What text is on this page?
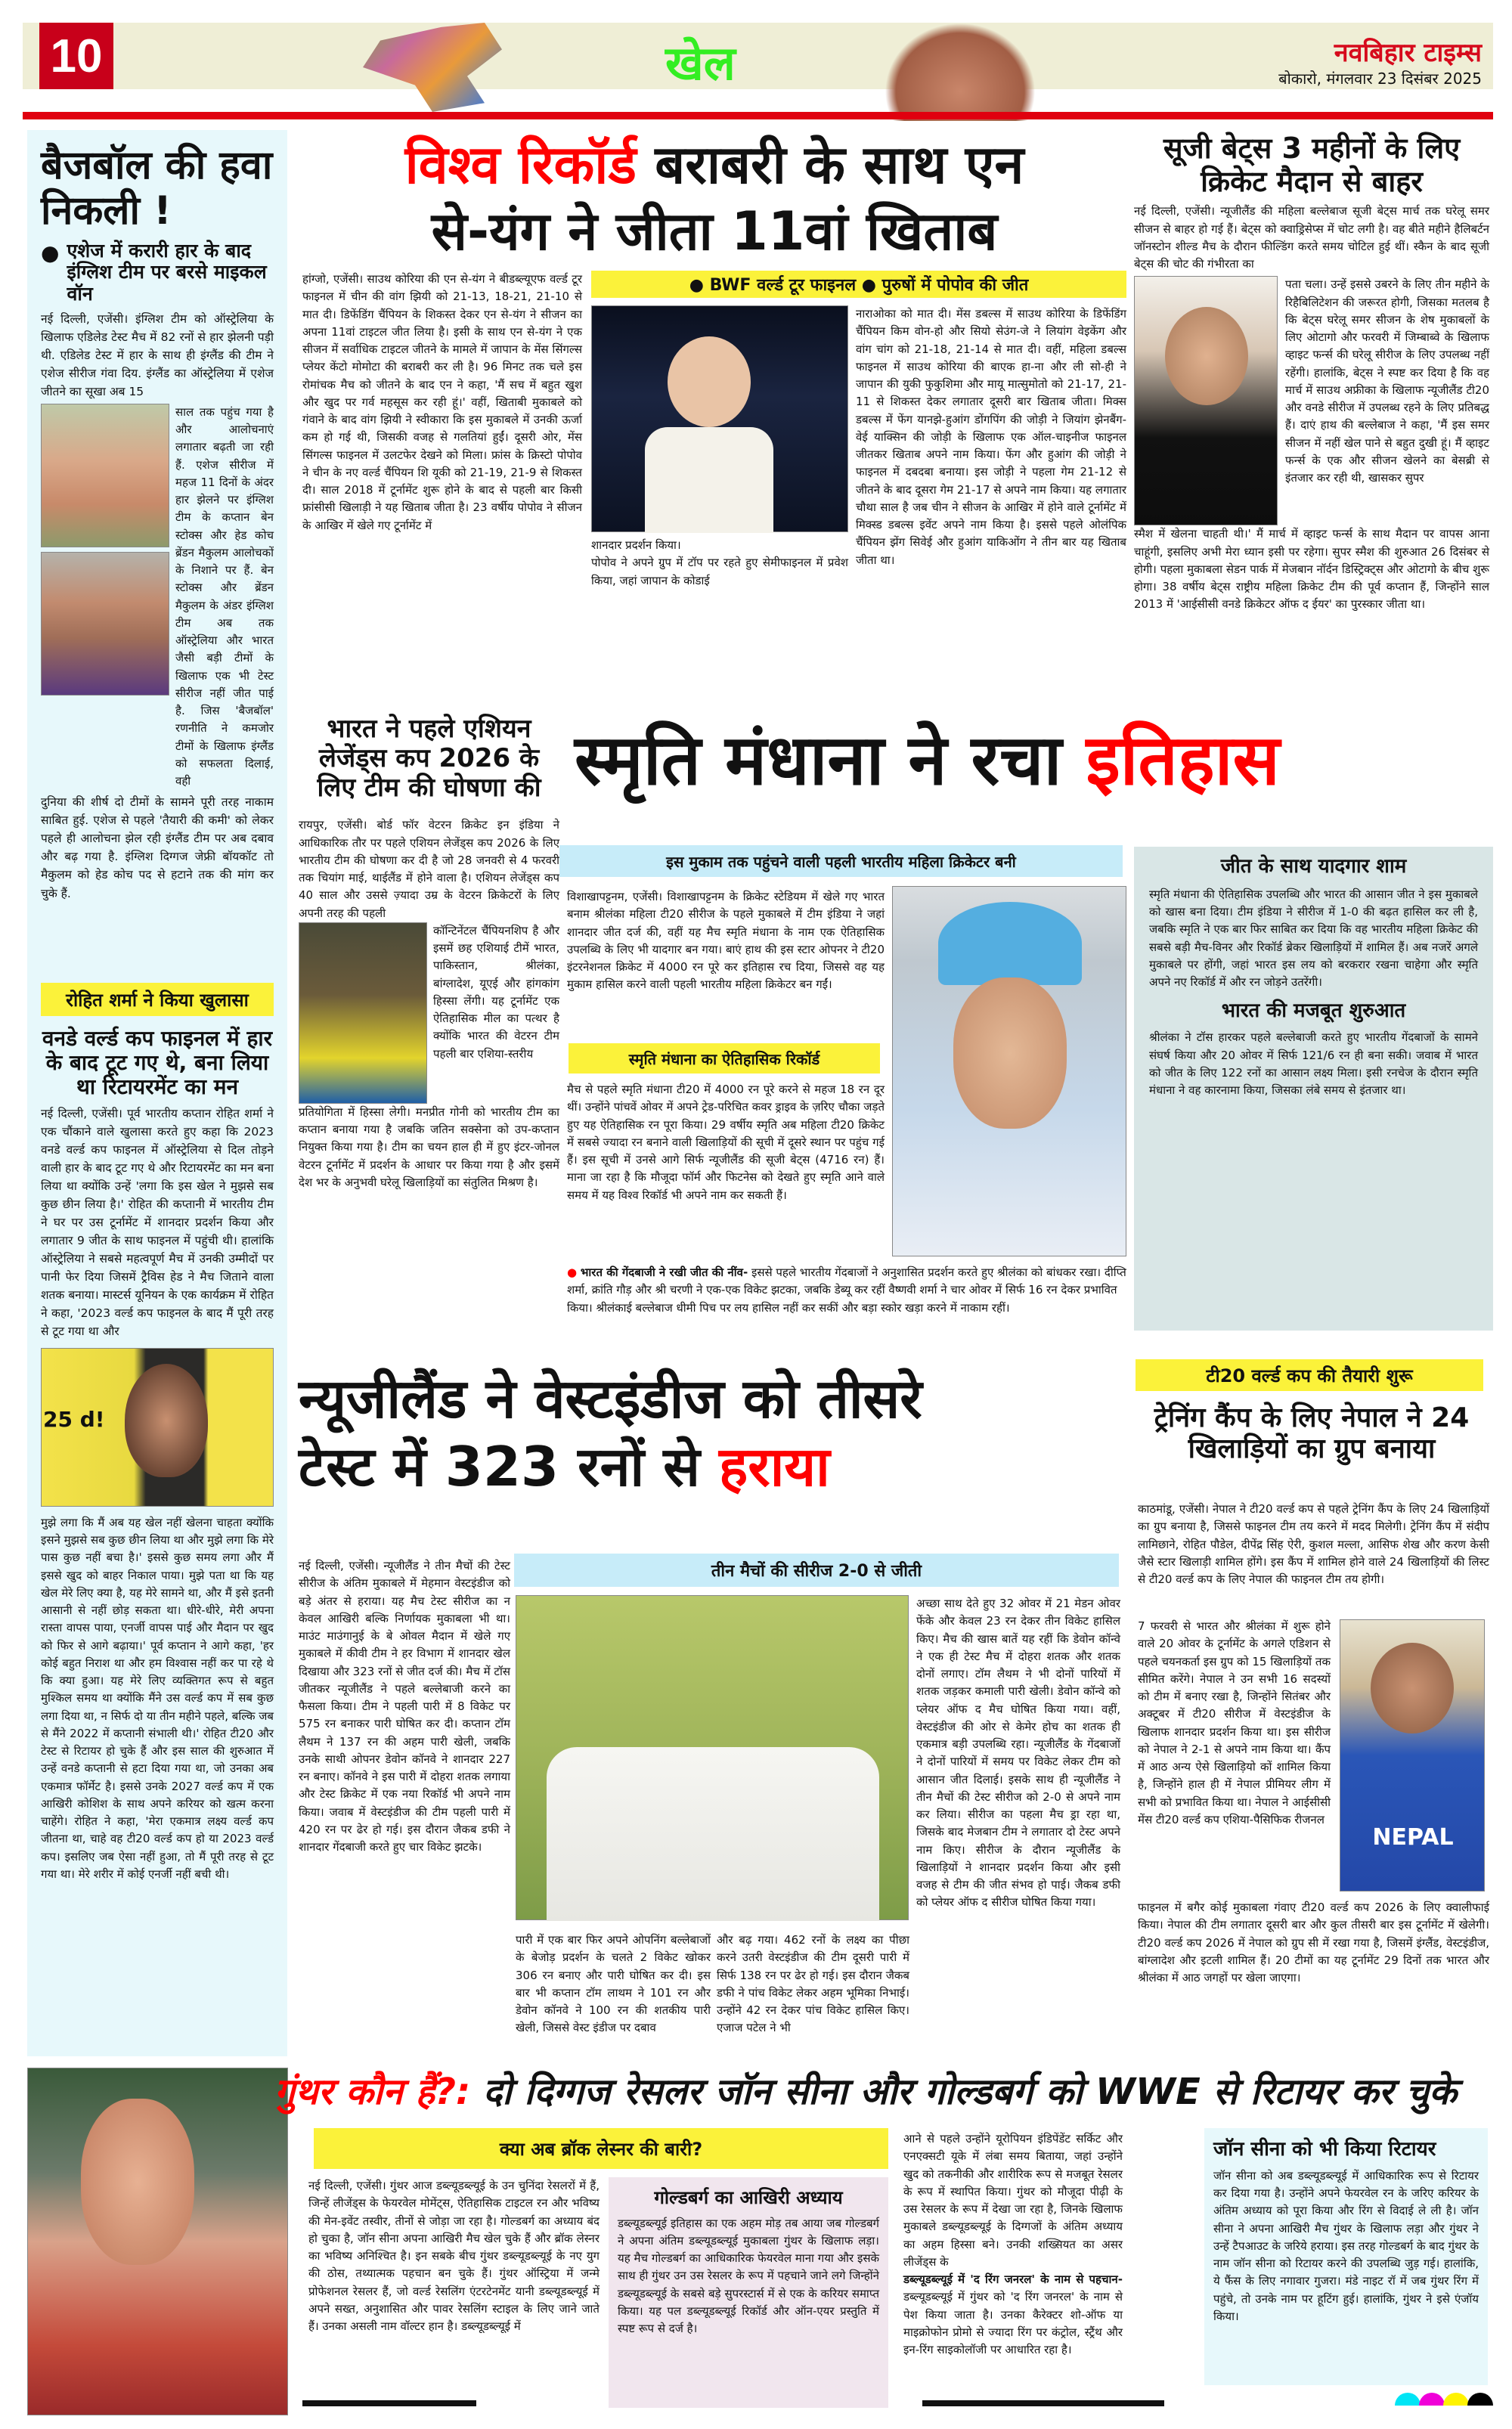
10	खेल	नवबिहार टाइम्स
बोकारो, मंगलवार 23 दिसंबर 2025
बैजबॉल की हवा निकली !
● एशेज में करारी हार के बाद इंग्लिश टीम पर बरसे माइकल वॉन
नई दिल्ली, एजेंसी। इंग्लिश टीम को ऑस्ट्रेलिया के खिलाफ एडिलेड टेस्ट मैच में 82 रनों से हार झेलनी पड़ी थी. एडिलेड टेस्ट में हार के साथ ही इंग्लैंड की टीम ने एशेज सीरीज गंवा दिय. इंग्लैंड का ऑस्ट्रेलिया में एशेज जीतने का सूखा अब 15
साल तक पहुंच गया है और आलोचनाएं लगातार बढ़ती जा रही हैं. एशेज सीरीज में महज 11 दिनों के अंदर हार झेलने पर इंग्लिश टीम के कप्तान बेन स्टोक्स और हेड कोच ब्रेंडन मैकुलम आलोचकों के निशाने पर हैं. बेन स्टोक्स और ब्रेंडन मैकुलम के अंडर इंग्लिश टीम अब तक ऑस्ट्रेलिया और भारत जैसी बड़ी टीमों के खिलाफ एक भी टेस्ट सीरीज नहीं जीत पाई है. जिस 'बैजबॉल' रणनीति ने कमजोर टीमों के खिलाफ इंग्लैंड को सफलता दिलाई, वही
दुनिया की शीर्ष दो टीमों के सामने पूरी तरह नाकाम साबित हुई. एशेज से पहले 'तैयारी की कमी' को लेकर पहले ही आलोचना झेल रही इंग्लैंड टीम पर अब दबाव और बढ़ गया है. इंग्लिश दिग्गज जेफ्री बॉयकॉट तो मैकुलम को हेड कोच पद से हटाने तक की मांग कर चुके हैं.
रोहित शर्मा ने किया खुलासा
वनडे वर्ल्ड कप फाइनल में हार के बाद टूट गए थे, बना लिया था रिटायरमेंट का मन
नई दिल्ली, एजेंसी। पूर्व भारतीय कप्तान रोहित शर्मा ने एक चौंकाने वाले खुलासा करते हुए कहा कि 2023 वनडे वर्ल्ड कप फाइनल में ऑस्ट्रेलिया से दिल तोड़ने वाली हार के बाद टूट गए थे और रिटायरमेंट का मन बना लिया था क्योंकि उन्हें 'लगा कि इस खेल ने मुझसे सब कुछ छीन लिया है।' रोहित की कप्तानी में भारतीय टीम ने घर पर उस टूर्नामेंट में शानदार प्रदर्शन किया और लगातार 9 जीत के साथ फाइनल में पहुंची थी। हालांकि ऑस्ट्रेलिया ने सबसे महत्वपूर्ण मैच में उनकी उम्मीदों पर पानी फेर दिया जिसमें ट्रैविस हेड ने मैच जिताने वाला शतक बनाया। मास्टर्स यूनियन के एक कार्यक्रम में रोहित ने कहा, '2023 वर्ल्ड कप फाइनल के बाद मैं पूरी तरह से टूट गया था और
25 d!
मुझे लगा कि मैं अब यह खेल नहीं खेलना चाहता क्योंकि इसने मुझसे सब कुछ छीन लिया था और मुझे लगा कि मेरे पास कुछ नहीं बचा है।' इससे कुछ समय लगा और मैं इससे खुद को बाहर निकाल पाया। मुझे पता था कि यह खेल मेरे लिए क्या है, यह मेरे सामने था, और मैं इसे इतनी आसानी से नहीं छोड़ सकता था। धीरे-धीरे, मेरी अपना रास्ता वापस पाया, एनर्जी वापस पाई और मैदान पर खुद को फिर से आगे बढ़ाया।' पूर्व कप्तान ने आगे कहा, 'हर कोई बहुत निराश था और हम विश्वास नहीं कर पा रहे थे कि क्या हुआ। यह मेरे लिए व्यक्तिगत रूप से बहुत मुश्किल समय था क्योंकि मैंने उस वर्ल्ड कप में सब कुछ लगा दिया था, न सिर्फ दो या तीन महीने पहले, बल्कि जब से मैंने 2022 में कप्तानी संभाली थी।' रोहित टी20 और टेस्ट से रिटायर हो चुके हैं और इस साल की शुरुआत में उन्हें वनडे कप्तानी से हटा दिया गया था, जो उनका अब एकमात्र फॉर्मेट है। इससे उनके 2027 वर्ल्ड कप में एक आखिरी कोशिश के साथ अपने करियर को खत्म करना चाहेंगे। रोहित ने कहा, 'मेरा एकमात्र लक्ष्य वर्ल्ड कप जीतना था, चाहे वह टी20 वर्ल्ड कप हो या 2023 वर्ल्ड कप। इसलिए जब ऐसा नहीं हुआ, तो मैं पूरी तरह से टूट गया था। मेरे शरीर में कोई एनर्जी नहीं बची थी।
विश्व रिकॉर्ड बराबरी के साथ एन
से-यंग ने जीता 11वां खिताब
हांग्जो, एजेंसी। साउथ कोरिया की एन से-यंग ने बीडब्ल्यूएफ वर्ल्ड टूर फाइनल में चीन की वांग झियी को 21-13, 18-21, 21-10 से मात दी। डिफेंडिंग चैंपियन के शिकस्त देकर एन से-यंग ने सीजन का अपना 11वां टाइटल जीत लिया है। इसी के साथ एन से-यंग ने एक सीजन में सर्वाधिक टाइटल जीतने के मामले में जापान के मेंस सिंगल्स प्लेयर केंटो मोमोटा की बराबरी कर ली है। 96 मिनट तक चले इस रोमांचक मैच को जीतने के बाद एन ने कहा, 'मैं सच में बहुत खुश और खुद पर गर्व महसूस कर रही हूं।' वहीं, खिताबी मुकाबले को गंवाने के बाद वांग झियी ने स्वीकारा कि इस मुकाबले में उनकी ऊर्जा कम हो गई थी, जिसकी वजह से गलतियां हुईं। दूसरी ओर, मेंस सिंगल्स फाइनल में उलटफेर देखने को मिला। फ्रांस के क्रिस्टो पोपोव ने चीन के नए वर्ल्ड चैंपियन शि यूकी को 21-19, 21-9 से शिकस्त दी। साल 2018 में टूर्नामेंट शुरू होने के बाद से पहली बार किसी फ्रांसीसी खिलाड़ी ने यह खिताब जीता है। 23 वर्षीय पोपोव ने सीजन के आखिर में खेले गए टूर्नामेंट में
● BWF वर्ल्ड टूर फाइनल ● पुरुषों में पोपोव की जीत
शानदार प्रदर्शन किया।
पोपोव ने अपने ग्रुप में टॉप पर रहते हुए सेमीफाइनल में प्रवेश किया, जहां जापान के कोडाई
नाराओका को मात दी। मेंस डबल्स में साउथ कोरिया के डिफेंडिंग चैंपियन किम वोन-हो और सियो सेउंग-जे ने लियांग वेइकेंग और वांग चांग को 21-18, 21-14 से मात दी। वहीं, महिला डबल्स फाइनल में साउथ कोरिया की बाएक हा-ना और ली सो-ही ने जापान की युकी फुकुशिमा और मायू मात्सुमोतो को 21-17, 21-11 से शिकस्त देकर लगातार दूसरी बार खिताब जीता। मिक्स डबल्स में फेंग यानझे-हुआंग डोंगपिंग की जोड़ी ने जियांग झेनबैंग-वेई याक्सिन की जोड़ी के खिलाफ एक ऑल-चाइनीज फाइनल जीतकर खिताब अपने नाम किया। फेंग और हुआंग की जोड़ी ने फाइनल में दबदबा बनाया। इस जोड़ी ने पहला गेम 21-12 से जीतने के बाद दूसरा गेम 21-17 से अपने नाम किया। यह लगातार चौथा साल है जब चीन ने सीजन के आखिर में होने वाले टूर्नामेंट में मिक्स्ड डबल्स इवेंट अपने नाम किया है। इससे पहले ओलंपिक चैंपियन झेंग सिवेई और हुआंग याकिओंग ने तीन बार यह खिताब जीता था।
सूजी बेट्स 3 महीनों के लिए क्रिकेट मैदान से बाहर
नई दिल्ली, एजेंसी। न्यूजीलैंड की महिला बल्लेबाज सूजी बेट्स मार्च तक घरेलू समर सीजन से बाहर हो गई हैं। बेट्स को क्वाड्रिसेप्स में चोट लगी है। वह बीते महीने हैलिबर्टन जॉनस्टोन शील्ड मैच के दौरान फील्डिंग करते समय चोटिल हुई थीं। स्कैन के बाद सूजी बेट्स की चोट की गंभीरता का
पता चला। उन्हें इससे उबरने के लिए तीन महीने के रिहैबिलिटेशन की जरूरत होगी, जिसका मतलब है कि बेट्स घरेलू समर सीजन के शेष मुकाबलों के लिए ओटागो और फरवरी में जिम्बाब्वे के खिलाफ व्हाइट फर्न्स की घरेलू सीरीज के लिए उपलब्ध नहीं रहेंगी। हालांकि, बेट्स ने स्पष्ट कर दिया है कि वह मार्च में साउथ अफ्रीका के खिलाफ न्यूजीलैंड टी20 और वनडे सीरीज में उपलब्ध रहने के लिए प्रतिबद्ध हैं। दाएं हाथ की बल्लेबाज ने कहा, 'मैं इस समर सीजन में नहीं खेल पाने से बहुत दुखी हूं। मैं व्हाइट फर्न्स के एक और सीजन खेलने का बेसब्री से इंतजार कर रही थी, खासकर सुपर
स्मैश में खेलना चाहती थी।' मैं मार्च में व्हाइट फर्न्स के साथ मैदान पर वापस आना चाहूंगी, इसलिए अभी मेरा ध्यान इसी पर रहेगा। सुपर स्मैश की शुरुआत 26 दिसंबर से होगी। पहला मुकाबला सेडन पार्क में मेजबान नॉर्दन डिस्ट्रिक्ट्स और ओटागो के बीच शुरू होगा। 38 वर्षीय बेट्स राष्ट्रीय महिला क्रिकेट टीम की पूर्व कप्तान हैं, जिन्होंने साल 2013 में 'आईसीसी वनडे क्रिकेटर ऑफ द ईयर' का पुरस्कार जीता था।
भारत ने पहले एशियन लेजेंड्स कप 2026 के लिए टीम की घोषणा की
रायपुर, एजेंसी। बोर्ड फॉर वेटरन क्रिकेट इन इंडिया ने आधिकारिक तौर पर पहले एशियन लेजेंड्स कप 2026 के लिए भारतीय टीम की घोषणा कर दी है जो 28 जनवरी से 4 फरवरी तक चियांग माई, थाईलैंड में होने वाला है। एशियन लेजेंड्स कप 40 साल और उससे ज़्यादा उम्र के वेटरन क्रिकेटरों के लिए अपनी तरह की पहली
कॉन्टिनेंटल चैंपियनशिप है और इसमें छह एशियाई टीमें भारत, पाकिस्तान, श्रीलंका, बांग्लादेश, यूएई और हांगकांग हिस्सा लेंगी। यह टूर्नामेंट एक ऐतिहासिक मील का पत्थर है क्योंकि भारत की वेटरन टीम पहली बार एशिया-स्तरीय
प्रतियोगिता में हिस्सा लेगी। मनप्रीत गोनी को भारतीय टीम का कप्तान बनाया गया है जबकि जतिन सक्सेना को उप-कप्तान नियुक्त किया गया है। टीम का चयन हाल ही में हुए इंटर-जोनल वेटरन टूर्नामेंट में प्रदर्शन के आधार पर किया गया है और इसमें देश भर के अनुभवी घरेलू खिलाड़ियों का संतुलित मिश्रण है।
स्मृति मंधाना ने रचा इतिहास
इस मुकाम तक पहुंचने वाली पहली भारतीय महिला क्रिकेटर बनी
विशाखापट्टनम, एजेंसी। विशाखापट्टनम के क्रिकेट स्टेडियम में खेले गए भारत बनाम श्रीलंका महिला टी20 सीरीज के पहले मुकाबले में टीम इंडिया ने जहां शानदार जीत दर्ज की, वहीं यह मैच स्मृति मंधाना के नाम एक ऐतिहासिक उपलब्धि के लिए भी यादगार बन गया। बाएं हाथ की इस स्टार ओपनर ने टी20 इंटरनेशनल क्रिकेट में 4000 रन पूरे कर इतिहास रच दिया, जिससे वह यह मुकाम हासिल करने वाली पहली भारतीय महिला क्रिकेटर बन गईं।
स्मृति मंधाना का ऐतिहासिक रिकॉर्ड
मैच से पहले स्मृति मंधाना टी20 में 4000 रन पूरे करने से महज 18 रन दूर थीं। उन्होंने पांचवें ओवर में अपने ट्रेड-परिचित कवर ड्राइव के ज़रिए चौका जड़ते हुए यह ऐतिहासिक रन पूरा किया। 29 वर्षीय स्मृति अब महिला टी20 क्रिकेट में सबसे ज्यादा रन बनाने वाली खिलाड़ियों की सूची में दूसरे स्थान पर पहुंच गई हैं। इस सूची में उनसे आगे सिर्फ न्यूजीलैंड की सूजी बेट्स (4716 रन) हैं। माना जा रहा है कि मौजूदा फॉर्म और फिटनेस को देखते हुए स्मृति आने वाले समय में यह विश्व रिकॉर्ड भी अपने नाम कर सकती हैं।
● भारत की गेंदबाजी ने रखी जीत की नींव- इससे पहले भारतीय गेंदबाजों ने अनुशासित प्रदर्शन करते हुए श्रीलंका को बांधकर रखा। दीप्ति शर्मा, क्रांति गौड़ और श्री चरणी ने एक-एक विकेट झटका, जबकि डेब्यू कर रहीं वैष्णवी शर्मा ने चार ओवर में सिर्फ 16 रन देकर प्रभावित किया। श्रीलंकाई बल्लेबाज धीमी पिच पर लय हासिल नहीं कर सकीं और बड़ा स्कोर खड़ा करने में नाकाम रहीं।
जीत के साथ यादगार शाम
स्मृति मंधाना की ऐतिहासिक उपलब्धि और भारत की आसान जीत ने इस मुकाबले को खास बना दिया। टीम इंडिया ने सीरीज में 1-0 की बढ़त हासिल कर ली है, जबकि स्मृति ने एक बार फिर साबित कर दिया कि वह भारतीय महिला क्रिकेट की सबसे बड़ी मैच-विनर और रिकॉर्ड ब्रेकर खिलाड़ियों में शामिल हैं। अब नजरें अगले मुकाबले पर होंगी, जहां भारत इस लय को बरकरार रखना चाहेगा और स्मृति अपने नए रिकॉर्ड में और रन जोड़ने उतरेंगी।
भारत की मजबूत शुरुआत
श्रीलंका ने टॉस हारकर पहले बल्लेबाजी करते हुए भारतीय गेंदबाजों के सामने संघर्ष किया और 20 ओवर में सिर्फ 121/6 रन ही बना सकी। जवाब में भारत को जीत के लिए 122 रनों का आसान लक्ष्य मिला। इसी रनचेज के दौरान स्मृति मंधाना ने वह कारनामा किया, जिसका लंबे समय से इंतजार था।
न्यूजीलैंड ने वेस्टइंडीज को तीसरे
टेस्ट में 323 रनों से हराया
नई दिल्ली, एजेंसी। न्यूजीलैंड ने तीन मैचों की टेस्ट सीरीज के अंतिम मुकाबले में मेहमान वेस्टइंडीज को बड़े अंतर से हराया। यह मैच टेस्ट सीरीज का न केवल आखिरी बल्कि निर्णायक मुकाबला भी था। माउंट माउंगानुई के बे ओवल मैदान में खेले गए मुकाबले में कीवी टीम ने हर विभाग में शानदार खेल दिखाया और 323 रनों से जीत दर्ज की। मैच में टॉस जीतकर न्यूजीलैंड ने पहले बल्लेबाजी करने का फैसला किया। टीम ने पहली पारी में 8 विकेट पर 575 रन बनाकर पारी घोषित कर दी। कप्तान टॉम लैथम ने 137 रन की अहम पारी खेली, जबकि उनके साथी ओपनर डेवोन कॉनवे ने शानदार 227 रन बनाए। कॉनवे ने इस पारी में दोहरा शतक लगाया और टेस्ट क्रिकेट में एक नया रिकॉर्ड भी अपने नाम किया। जवाब में वेस्टइंडीज की टीम पहली पारी में 420 रन पर ढेर हो गई। इस दौरान जैकब डफी ने शानदार गेंदबाजी करते हुए चार विकेट झटके।
तीन मैचों की सीरीज 2-0 से जीती
अच्छा साथ देते हुए 32 ओवर में 21 मेडन ओवर फेंके और केवल 23 रन देकर तीन विकेट हासिल किए। मैच की खास बातें यह रहीं कि डेवोन कॉन्वे ने एक ही टेस्ट मैच में दोहरा शतक और शतक दोनों लगाए। टॉम लैथम ने भी दोनों पारियों में शतक जड़कर कमाली पारी खेली। डेवोन कॉन्वे को प्लेयर ऑफ द मैच घोषित किया गया। वहीं, वेस्टइंडीज की ओर से केमेर होच का शतक ही एकमात्र बड़ी उपलब्धि रहा। न्यूजीलैंड के गेंदबाजों ने दोनों पारियों में समय पर विकेट लेकर टीम को आसान जीत दिलाई। इसके साथ ही न्यूजीलैंड ने तीन मैचों की टेस्ट सीरीज को 2-0 से अपने नाम कर लिया। सीरीज का पहला मैच ड्रा रहा था, जिसके बाद मेजबान टीम ने लगातार दो टेस्ट अपने नाम किए। सीरीज के दौरान न्यूजीलैंड के खिलाड़ियों ने शानदार प्रदर्शन किया और इसी वजह से टीम की जीत संभव हो पाई। जैकब डफी को प्लेयर ऑफ द सीरीज घोषित किया गया।
पारी में एक बार फिर अपने ओपनिंग बल्लेबाजों के बेजोड़ प्रदर्शन के चलते 2 विकेट खोकर 306 रन बनाए और पारी घोषित कर दी। इस बार भी कप्तान टॉम लाथम ने 101 रन और डेवोन कॉनवे ने 100 रन की शतकीय पारी खेली, जिससे वेस्ट इंडीज पर दबाव
और बढ़ गया। 462 रनों के लक्ष्य का पीछा करने उतरी वेस्टइंडीज की टीम दूसरी पारी में सिर्फ 138 रन पर ढेर हो गई। इस दौरान जैकब डफी ने पांच विकेट लेकर अहम भूमिका निभाई। उन्होंने 42 रन देकर पांच विकेट हासिल किए। एजाज पटेल ने भी
टी20 वर्ल्ड कप की तैयारी शुरू
ट्रेनिंग कैंप के लिए नेपाल ने 24 खिलाड़ियों का ग्रुप बनाया
काठमांडू, एजेंसी। नेपाल ने टी20 वर्ल्ड कप से पहले ट्रेनिंग कैंप के लिए 24 खिलाड़ियों का ग्रुप बनाया है, जिससे फाइनल टीम तय करने में मदद मिलेगी। ट्रेनिंग कैंप में संदीप लामिछाने, रोहित पौडेल, दीपेंद्र सिंह ऐरी, कुशल मल्ला, आसिफ शेख और करण केसी जैसे स्टार खिलाड़ी शामिल होंगे। इस कैंप में शामिल होने वाले 24 खिलाड़ियों की लिस्ट से टी20 वर्ल्ड कप के लिए नेपाल की फाइनल टीम तय होगी।
7 फरवरी से भारत और श्रीलंका में शुरू होने वाले 20 ओवर के टूर्नामेंट के अगले एडिशन से पहले चयनकर्ता इस ग्रुप को 15 खिलाड़ियों तक सीमित करेंगे। नेपाल ने उन सभी 16 सदस्यों को टीम में बनाए रखा है, जिन्होंने सितंबर और अक्टूबर में टी20 सीरीज में वेस्टइंडीज के खिलाफ शानदार प्रदर्शन किया था। इस सीरीज को नेपाल ने 2-1 से अपने नाम किया था। कैंप में आठ अन्य ऐसे खिलाड़ियो कों शामिल किया है, जिन्होंने हाल ही में नेपाल प्रीमियर लीग में सभी को प्रभावित किया था। नेपाल ने आईसीसी मेंस टी20 वर्ल्ड कप एशिया-पैसिफिक रीजनल
NEPAL
फाइनल में बगैर कोई मुकाबला गंवाए टी20 वर्ल्ड कप 2026 के लिए क्वालीफाई किया। नेपाल की टीम लगातार दूसरी बार और कुल तीसरी बार इस टूर्नामेंट में खेलेगी। टी20 वर्ल्ड कप 2026 में नेपाल को ग्रुप सी में रखा गया है, जिसमें इंग्लैंड, वेस्टइंडीज, बांग्लादेश और इटली शामिल हैं। 20 टीमों का यह टूर्नामेंट 29 दिनों तक भारत और श्रीलंका में आठ जगहों पर खेला जाएगा।
गुंथर कौन हैं?: दो दिग्गज रेसलर जॉन सीना और गोल्डबर्ग को WWE से रिटायर कर चुके
क्या अब ब्रॉक लेस्नर की बारी?
नई दिल्ली, एजेंसी। गुंथर आज डब्ल्यूडब्ल्यूई के उन चुनिंदा रेसलरों में हैं, जिन्हें लीजेंड्स के फेयरवेल मोमेंट्स, ऐतिहासिक टाइटल रन और भविष्य की मेन-इवेंट तस्वीर, तीनों से जोड़ा जा रहा है। गोल्डबर्ग का अध्याय बंद हो चुका है, जॉन सीना अपना आखिरी मैच खेल चुके हैं और ब्रॉक लेस्नर का भविष्य अनिश्चित है। इन सबके बीच गुंथर डब्ल्यूडब्ल्यूई के नए युग की ठोस, तथ्यात्मक पहचान बन चुके हैं। गुंथर ऑस्ट्रिया में जन्मे प्रोफेशनल रेसलर हैं, जो वर्ल्ड रेसलिंग एंटरटेनमेंट यानी डब्ल्यूडब्ल्यूई में अपने सख्त, अनुशासित और पावर रेसलिंग स्टाइल के लिए जाने जाते हैं। उनका असली नाम वॉल्टर हान है। डब्ल्यूडब्ल्यूई में
गोल्डबर्ग का आखिरी अध्याय
डब्ल्यूडब्ल्यूई इतिहास का एक अहम मोड़ तब आया जब गोल्डबर्ग ने अपना अंतिम डब्ल्यूडब्ल्यूई मुकाबला गुंथर के खिलाफ लड़ा। यह मैच गोल्डबर्ग का आधिकारिक फेयरवेल माना गया और इसके साथ ही गुंथर उन उस रेसलर के रूप में पहचाने जाने लगे जिन्होंने डब्ल्यूडब्ल्यूई के सबसे बड़े सुपरस्टार्स में से एक के करियर समाप्त किया। यह पल डब्ल्यूडब्ल्यूई रिकॉर्ड और ऑन-एयर प्रस्तुति में स्पष्ट रूप से दर्ज है।
आने से पहले उन्होंने यूरोपियन इंडिपेंडेंट सर्किट और एनएक्सटी यूके में लंबा समय बिताया, जहां उन्होंने खुद को तकनीकी और शारीरिक रूप से मजबूत रेसलर के रूप में स्थापित किया। गुंथर को मौजूदा पीढ़ी के उस रेसलर के रूप में देखा जा रहा है, जिनके खिलाफ मुकाबले डब्ल्यूडब्ल्यूई के दिग्गजों के अंतिम अध्याय का अहम हिस्सा बने। उनकी शख्सियत का असर लीजेंड्स के
डब्ल्यूडब्ल्यूई में 'द रिंग जनरल' के नाम से पहचान- डब्ल्यूडब्ल्यूई में गुंथर को 'द रिंग जनरल' के नाम से पेश किया जाता है। उनका कैरेक्टर शो-ऑफ या माइक्रोफोन प्रोमो से ज्यादा रिंग पर कंट्रोल, स्ट्रैंथ और इन-रिंग साइकोलॉजी पर आधारित रहा है।
जॉन सीना को भी किया रिटायर
जॉन सीना को अब डब्ल्यूडब्ल्यूई में आधिकारिक रूप से रिटायर कर दिया गया है। उन्होंने अपने फेयरवेल रन के जरिए करियर के अंतिम अध्याय को पूरा किया और रिंग से विदाई ले ली है। जॉन सीना ने अपना आखिरी मैच गुंथर के खिलाफ लड़ा और गुंथर ने उन्हें टैपआउट के जरिये हराया। इस तरह गोल्डबर्ग के बाद गुंथर के नाम जॉन सीना को रिटायर करने की उपलब्धि जुड़ गई। हालांकि, ये फैंस के लिए नगावार गुजरा। मंडे नाइट रॉ में जब गुंथर रिंग में पहुंचे, तो उनके नाम पर हूटिंग हुई। हालांकि, गुंथर ने इसे एंजॉय किया।
